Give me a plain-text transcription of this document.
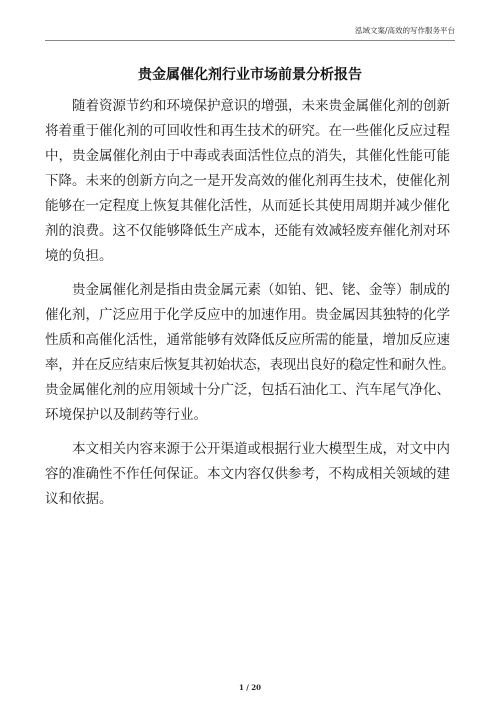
泓域文案/高效的写作服务平台
贵金属催化剂行业市场前景分析报告
　　随着资源节约和环境保护意识的增强，未来贵金属催化剂的创新
将着重于催化剂的可回收性和再生技术的研究。在一些催化反应过程
中，贵金属催化剂由于中毒或表面活性位点的消失，其催化性能可能
下降。未来的创新方向之一是开发高效的催化剂再生技术，使催化剂
能够在一定程度上恢复其催化活性，从而延长其使用周期并减少催化
剂的浪费。这不仅能够降低生产成本，还能有效减轻废弃催化剂对环
境的负担。
　　贵金属催化剂是指由贵金属元素（如铂、钯、铑、金等）制成的
催化剂，广泛应用于化学反应中的加速作用。贵金属因其独特的化学
性质和高催化活性，通常能够有效降低反应所需的能量，增加反应速
率，并在反应结束后恢复其初始状态，表现出良好的稳定性和耐久性。
贵金属催化剂的应用领域十分广泛，包括石油化工、汽车尾气净化、
环境保护以及制药等行业。
　　本文相关内容来源于公开渠道或根据行业大模型生成，对文中内
容的准确性不作任何保证。本文内容仅供参考，不构成相关领域的建
议和依据。
1 / 20
